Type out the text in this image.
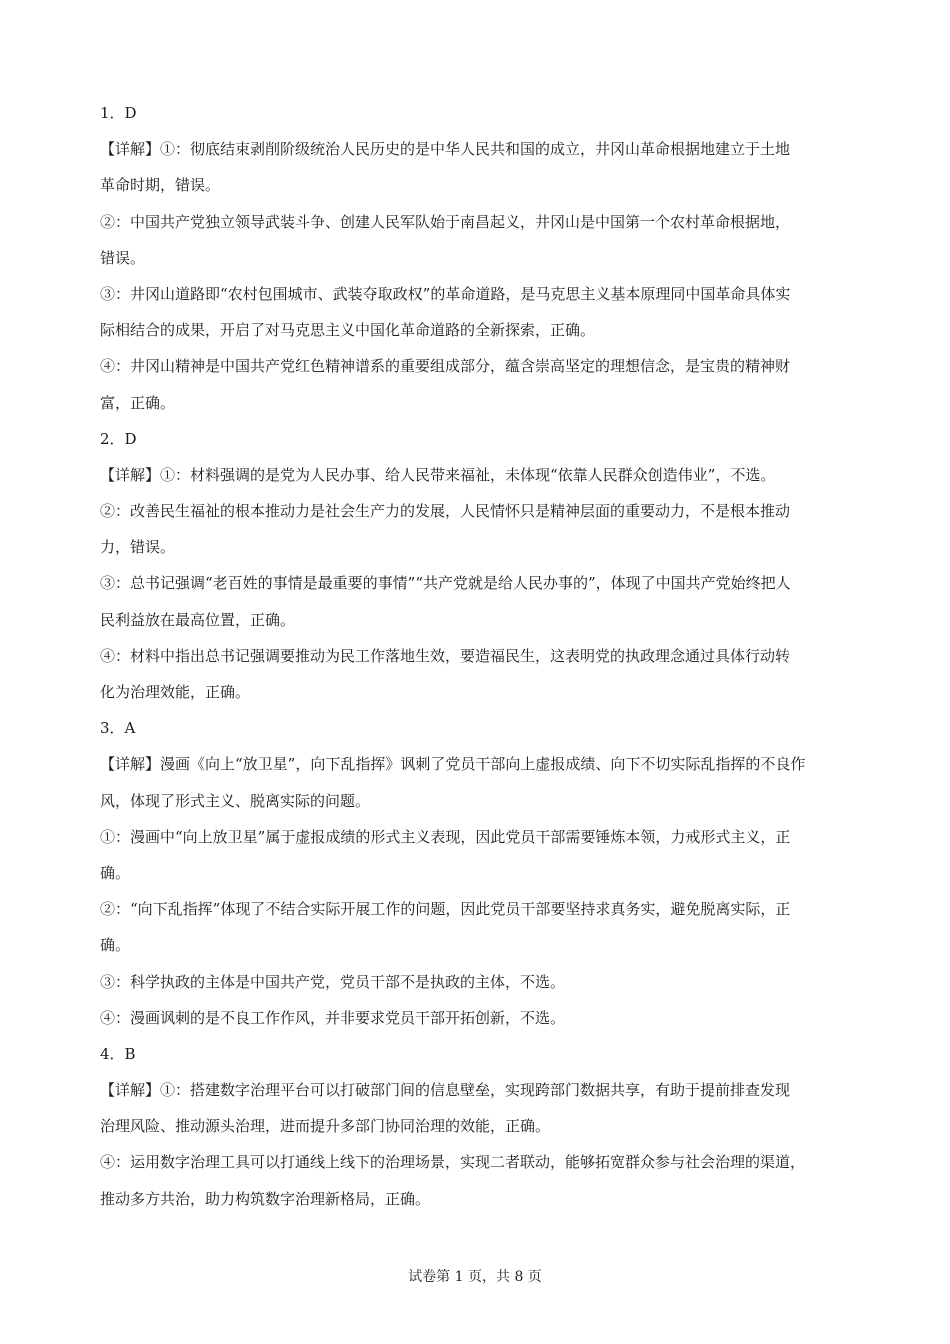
1．D
【详解】①：彻底结束剥削阶级统治人民历史的是中华人民共和国的成立，井冈山革命根据地建立于土地
革命时期，错误。
②：中国共产党独立领导武装斗争、创建人民军队始于南昌起义，井冈山是中国第一个农村革命根据地，
错误。
③：井冈山道路即“农村包围城市、武装夺取政权”的革命道路，是马克思主义基本原理同中国革命具体实
际相结合的成果，开启了对马克思主义中国化革命道路的全新探索，正确。
④：井冈山精神是中国共产党红色精神谱系的重要组成部分，蕴含崇高坚定的理想信念，是宝贵的精神财
富，正确。
2．D
【详解】①：材料强调的是党为人民办事、给人民带来福祉，未体现“依靠人民群众创造伟业”，不选。
②：改善民生福祉的根本推动力是社会生产力的发展，人民情怀只是精神层面的重要动力，不是根本推动
力，错误。
③：总书记强调“老百姓的事情是最重要的事情”“共产党就是给人民办事的”，体现了中国共产党始终把人
民利益放在最高位置，正确。
④：材料中指出总书记强调要推动为民工作落地生效，要造福民生，这表明党的执政理念通过具体行动转
化为治理效能，正确。
3．A
【详解】漫画《向上“放卫星”，向下乱指挥》讽刺了党员干部向上虚报成绩、向下不切实际乱指挥的不良作
风，体现了形式主义、脱离实际的问题。
①：漫画中“向上放卫星”属于虚报成绩的形式主义表现，因此党员干部需要锤炼本领，力戒形式主义，正
确。
②：“向下乱指挥”体现了不结合实际开展工作的问题，因此党员干部要坚持求真务实，避免脱离实际，正
确。
③：科学执政的主体是中国共产党，党员干部不是执政的主体，不选。
④：漫画讽刺的是不良工作作风，并非要求党员干部开拓创新，不选。
4．B
【详解】①：搭建数字治理平台可以打破部门间的信息壁垒，实现跨部门数据共享，有助于提前排查发现
治理风险、推动源头治理，进而提升多部门协同治理的效能，正确。
④：运用数字治理工具可以打通线上线下的治理场景，实现二者联动，能够拓宽群众参与社会治理的渠道，
推动多方共治，助力构筑数字治理新格局，正确。
试卷第 1 页，共 8 页
